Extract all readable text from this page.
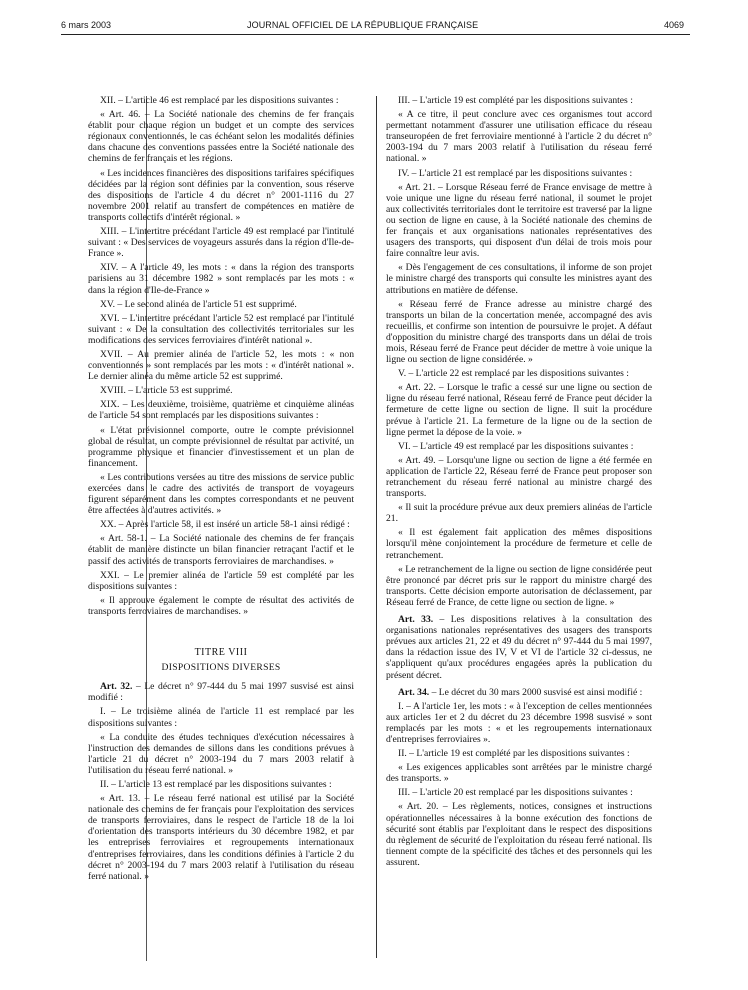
6 mars 2003	JOURNAL OFFICIEL DE LA RÉPUBLIQUE FRANÇAISE	4069

XII. – L'article 46 est remplacé par les dispositions suivantes :

« Art. 46. – La Société nationale des chemins de fer français établit pour chaque région un budget et un compte des services régionaux conventionnés, le cas échéant selon les modalités définies dans chacune des conventions passées entre la Société nationale des chemins de fer français et les régions.

« Les incidences financières des dispositions tarifaires spécifiques décidées par la région sont définies par la convention, sous réserve des dispositions de l'article 4 du décret n° 2001-1116 du 27 novembre 2001 relatif au transfert de compétences en matière de transports collectifs d'intérêt régional. »

XIII. – L'intertitre précédant l'article 49 est remplacé par l'intitulé suivant : « Des services de voyageurs assurés dans la région d'Ile-de-France ».

XIV. – A l'article 49, les mots : « dans la région des transports parisiens au 31 décembre 1982 » sont remplacés par les mots : « dans la région d'Ile-de-France »

XV. – Le second alinéa de l'article 51 est supprimé.

XVI. – L'intertitre précédant l'article 52 est remplacé par l'intitulé suivant : « De la consultation des collectivités territoriales sur les modifications des services ferroviaires d'intérêt national ».

XVII. – Au premier alinéa de l'article 52, les mots : « non conventionnés » sont remplacés par les mots : « d'intérêt national ». Le dernier alinéa du même article 52 est supprimé.

XVIII. – L'article 53 est supprimé.

XIX. – Les deuxième, troisième, quatrième et cinquième alinéas de l'article 54 sont remplacés par les dispositions suivantes :

« L'état prévisionnel comporte, outre le compte prévisionnel global de résultat, un compte prévisionnel de résultat par activité, un programme physique et financier d'investissement et un plan de financement.

« Les contributions versées au titre des missions de service public exercées dans le cadre des activités de transport de voyageurs figurent séparément dans les comptes correspondants et ne peuvent être affectées à d'autres activités. »

XX. – Après l'article 58, il est inséré un article 58-1 ainsi rédigé :

« Art. 58-1. – La Société nationale des chemins de fer français établit de manière distincte un bilan financier retraçant l'actif et le passif des activités de transports ferroviaires de marchandises. »

XXI. – Le premier alinéa de l'article 59 est complété par les dispositions suivantes :

« Il approuve également le compte de résultat des activités de transports ferroviaires de marchandises. »

TITRE VIII

DISPOSITIONS DIVERSES

Art. 32. – Le décret n° 97-444 du 5 mai 1997 susvisé est ainsi modifié :

I. – Le troisième alinéa de l'article 11 est remplacé par les dispositions suivantes :

« La conduite des études techniques d'exécution nécessaires à l'instruction des demandes de sillons dans les conditions prévues à l'article 21 du décret n° 2003-194 du 7 mars 2003 relatif à l'utilisation du réseau ferré national. »

II. – L'article 13 est remplacé par les dispositions suivantes :

« Art. 13. – Le réseau ferré national est utilisé par la Société nationale des chemins de fer français pour l'exploitation des services de transports ferroviaires, dans le respect de l'article 18 de la loi d'orientation des transports intérieurs du 30 décembre 1982, et par les entreprises ferroviaires et regroupements internationaux d'entreprises ferroviaires, dans les conditions définies à l'article 2 du décret n° 2003-194 du 7 mars 2003 relatif à l'utilisation du réseau ferré national. »

III. – L'article 19 est complété par les dispositions suivantes :

« A ce titre, il peut conclure avec ces organismes tout accord permettant notamment d'assurer une utilisation efficace du réseau transeuropéen de fret ferroviaire mentionné à l'article 2 du décret n° 2003-194 du 7 mars 2003 relatif à l'utilisation du réseau ferré national. »

IV. – L'article 21 est remplacé par les dispositions suivantes :

« Art. 21. – Lorsque Réseau ferré de France envisage de mettre à voie unique une ligne du réseau ferré national, il soumet le projet aux collectivités territoriales dont le territoire est traversé par la ligne ou section de ligne en cause, à la Société nationale des chemins de fer français et aux organisations nationales représentatives des usagers des transports, qui disposent d'un délai de trois mois pour faire connaître leur avis.

« Dès l'engagement de ces consultations, il informe de son projet le ministre chargé des transports qui consulte les ministres ayant des attributions en matière de défense.

« Réseau ferré de France adresse au ministre chargé des transports un bilan de la concertation menée, accompagné des avis recueillis, et confirme son intention de poursuivre le projet. A défaut d'opposition du ministre chargé des transports dans un délai de trois mois, Réseau ferré de France peut décider de mettre à voie unique la ligne ou section de ligne considérée. »

V. – L'article 22 est remplacé par les dispositions suivantes :

« Art. 22. – Lorsque le trafic a cessé sur une ligne ou section de ligne du réseau ferré national, Réseau ferré de France peut décider la fermeture de cette ligne ou section de ligne. Il suit la procédure prévue à l'article 21. La fermeture de la ligne ou de la section de ligne permet la dépose de la voie. »

VI. – L'article 49 est remplacé par les dispositions suivantes :

« Art. 49. – Lorsqu'une ligne ou section de ligne a été fermée en application de l'article 22, Réseau ferré de France peut proposer son retranchement du réseau ferré national au ministre chargé des transports.

« Il suit la procédure prévue aux deux premiers alinéas de l'article 21.

« Il est également fait application des mêmes dispositions lorsqu'il mène conjointement la procédure de fermeture et celle de retranchement.

« Le retranchement de la ligne ou section de ligne considérée peut être prononcé par décret pris sur le rapport du ministre chargé des transports. Cette décision emporte autorisation de déclassement, par Réseau ferré de France, de cette ligne ou section de ligne. »

Art. 33. – Les dispositions relatives à la consultation des organisations nationales représentatives des usagers des transports prévues aux articles 21, 22 et 49 du décret n° 97-444 du 5 mai 1997, dans la rédaction issue des IV, V et VI de l'article 32 ci-dessus, ne s'appliquent qu'aux procédures engagées après la publication du présent décret.

Art. 34. – Le décret du 30 mars 2000 susvisé est ainsi modifié :

I. – A l'article 1er, les mots : « à l'exception de celles mentionnées aux articles 1er et 2 du décret du 23 décembre 1998 susvisé » sont remplacés par les mots : « et les regroupements internationaux d'entreprises ferroviaires ».

II. – L'article 19 est complété par les dispositions suivantes :

« Les exigences applicables sont arrêtées par le ministre chargé des transports. »

III. – L'article 20 est remplacé par les dispositions suivantes :

« Art. 20. – Les règlements, notices, consignes et instructions opérationnelles nécessaires à la bonne exécution des fonctions de sécurité sont établis par l'exploitant dans le respect des dispositions du règlement de sécurité de l'exploitation du réseau ferré national. Ils tiennent compte de la spécificité des tâches et des personnels qui les assurent.
